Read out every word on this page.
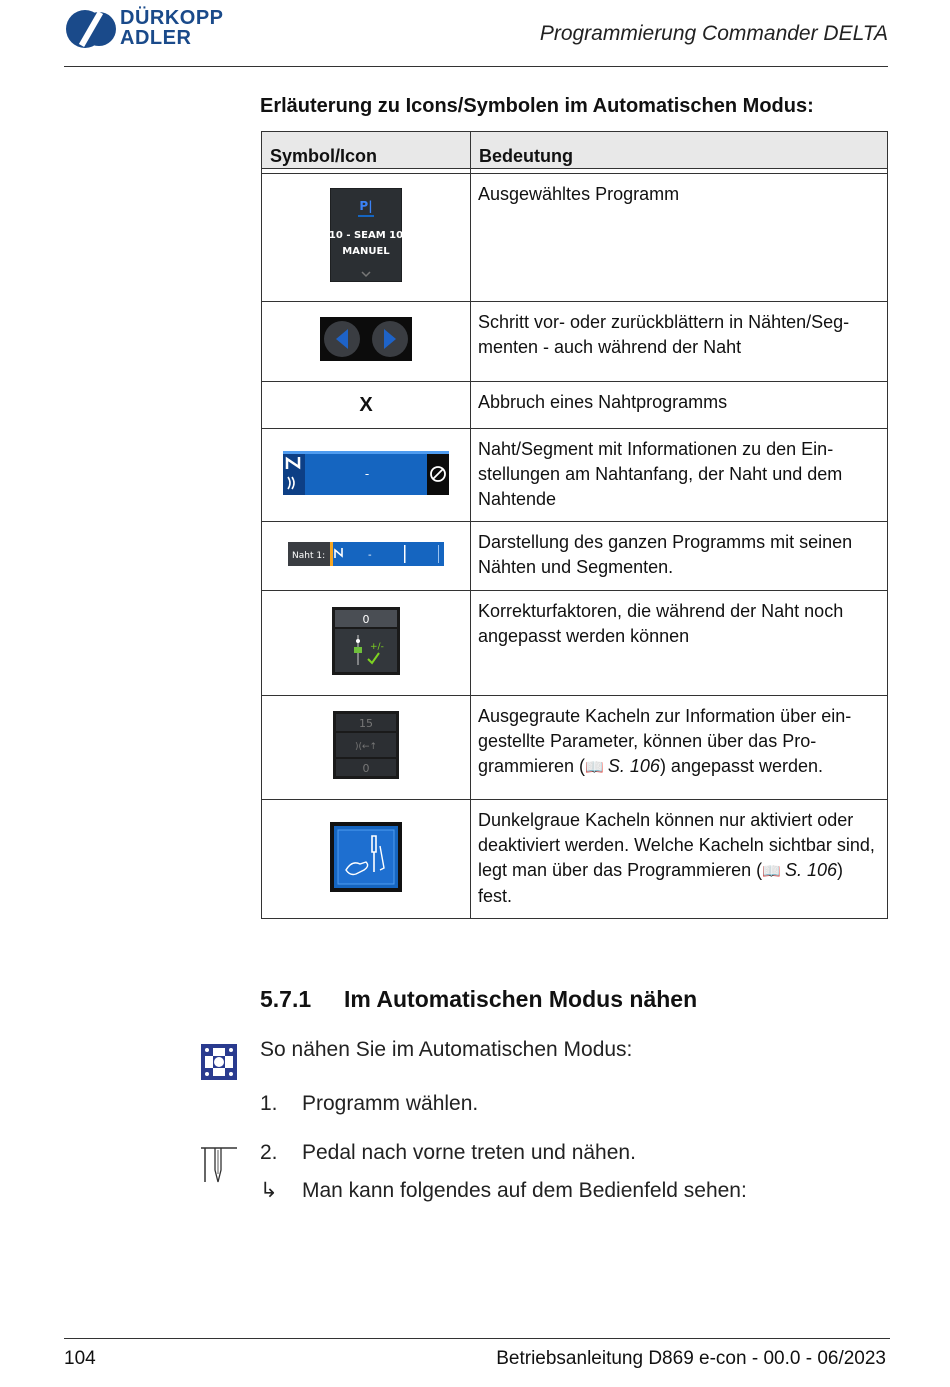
DÜRKOPP
ADLER	Programmierung Commander DELTA
Erläuterung zu Icons/Symbolen im Automatischen Modus:
Symbol/Icon	Bedeutung

P|
10 - SEAM 10
MANUEL	Ausgewähltes Programm
	Schritt vor- oder zurückblättern in Nähten/Seg-menten - auch während der Naht
X	Abbruch eines Nahtprogramms

-	Naht/Segment mit Informationen zu den Ein-stellungen am Nahtanfang, der Naht und dem Nahtende

Naht 1: -	Darstellung des ganzen Programms mit seinen Nähten und Segmenten.

0
+/-	Korrekturfaktoren, die während der Naht noch angepasst werden können

15
)(←↑
0	Ausgegraute Kacheln zur Information über ein-gestellte Parameter, können über das Pro-grammieren (📖 S. 106) angepasst werden.
	Dunkelgraue Kacheln können nur aktiviert oder deaktiviert werden. Welche Kacheln sichtbar sind, legt man über das Programmieren (📖 S. 106) fest.
5.7.1 Im Automatischen Modus nähen
So nähen Sie im Automatischen Modus:
1. Programm wählen.
2. Pedal nach vorne treten und nähen.
↳ Man kann folgendes auf dem Bedienfeld sehen:
104	Betriebsanleitung D869 e-con - 00.0 - 06/2023
